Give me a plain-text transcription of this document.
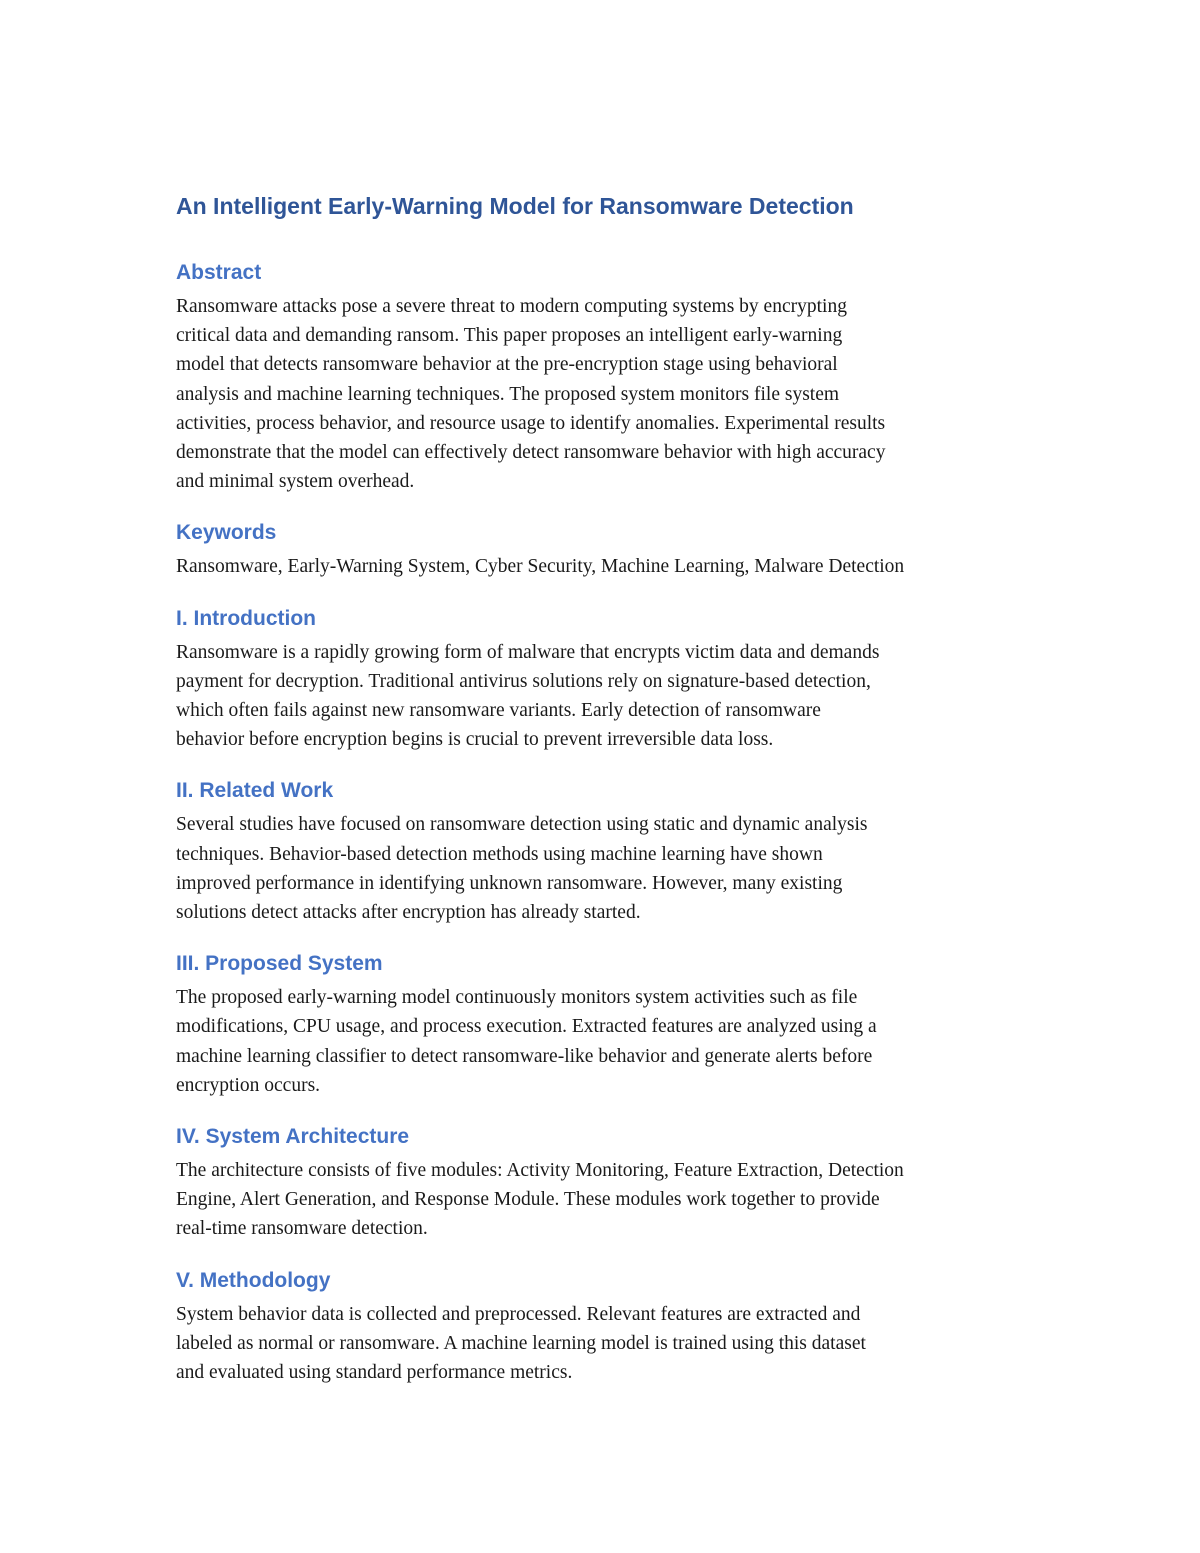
An Intelligent Early-Warning Model for Ransomware Detection
Abstract
Ransomware attacks pose a severe threat to modern computing systems by encrypting
critical data and demanding ransom. This paper proposes an intelligent early-warning
model that detects ransomware behavior at the pre-encryption stage using behavioral
analysis and machine learning techniques. The proposed system monitors file system
activities, process behavior, and resource usage to identify anomalies. Experimental results
demonstrate that the model can effectively detect ransomware behavior with high accuracy
and minimal system overhead.
Keywords
Ransomware, Early-Warning System, Cyber Security, Machine Learning, Malware Detection
I. Introduction
Ransomware is a rapidly growing form of malware that encrypts victim data and demands
payment for decryption. Traditional antivirus solutions rely on signature-based detection,
which often fails against new ransomware variants. Early detection of ransomware
behavior before encryption begins is crucial to prevent irreversible data loss.
II. Related Work
Several studies have focused on ransomware detection using static and dynamic analysis
techniques. Behavior-based detection methods using machine learning have shown
improved performance in identifying unknown ransomware. However, many existing
solutions detect attacks after encryption has already started.
III. Proposed System
The proposed early-warning model continuously monitors system activities such as file
modifications, CPU usage, and process execution. Extracted features are analyzed using a
machine learning classifier to detect ransomware-like behavior and generate alerts before
encryption occurs.
IV. System Architecture
The architecture consists of five modules: Activity Monitoring, Feature Extraction, Detection
Engine, Alert Generation, and Response Module. These modules work together to provide
real-time ransomware detection.
V. Methodology
System behavior data is collected and preprocessed. Relevant features are extracted and
labeled as normal or ransomware. A machine learning model is trained using this dataset
and evaluated using standard performance metrics.
